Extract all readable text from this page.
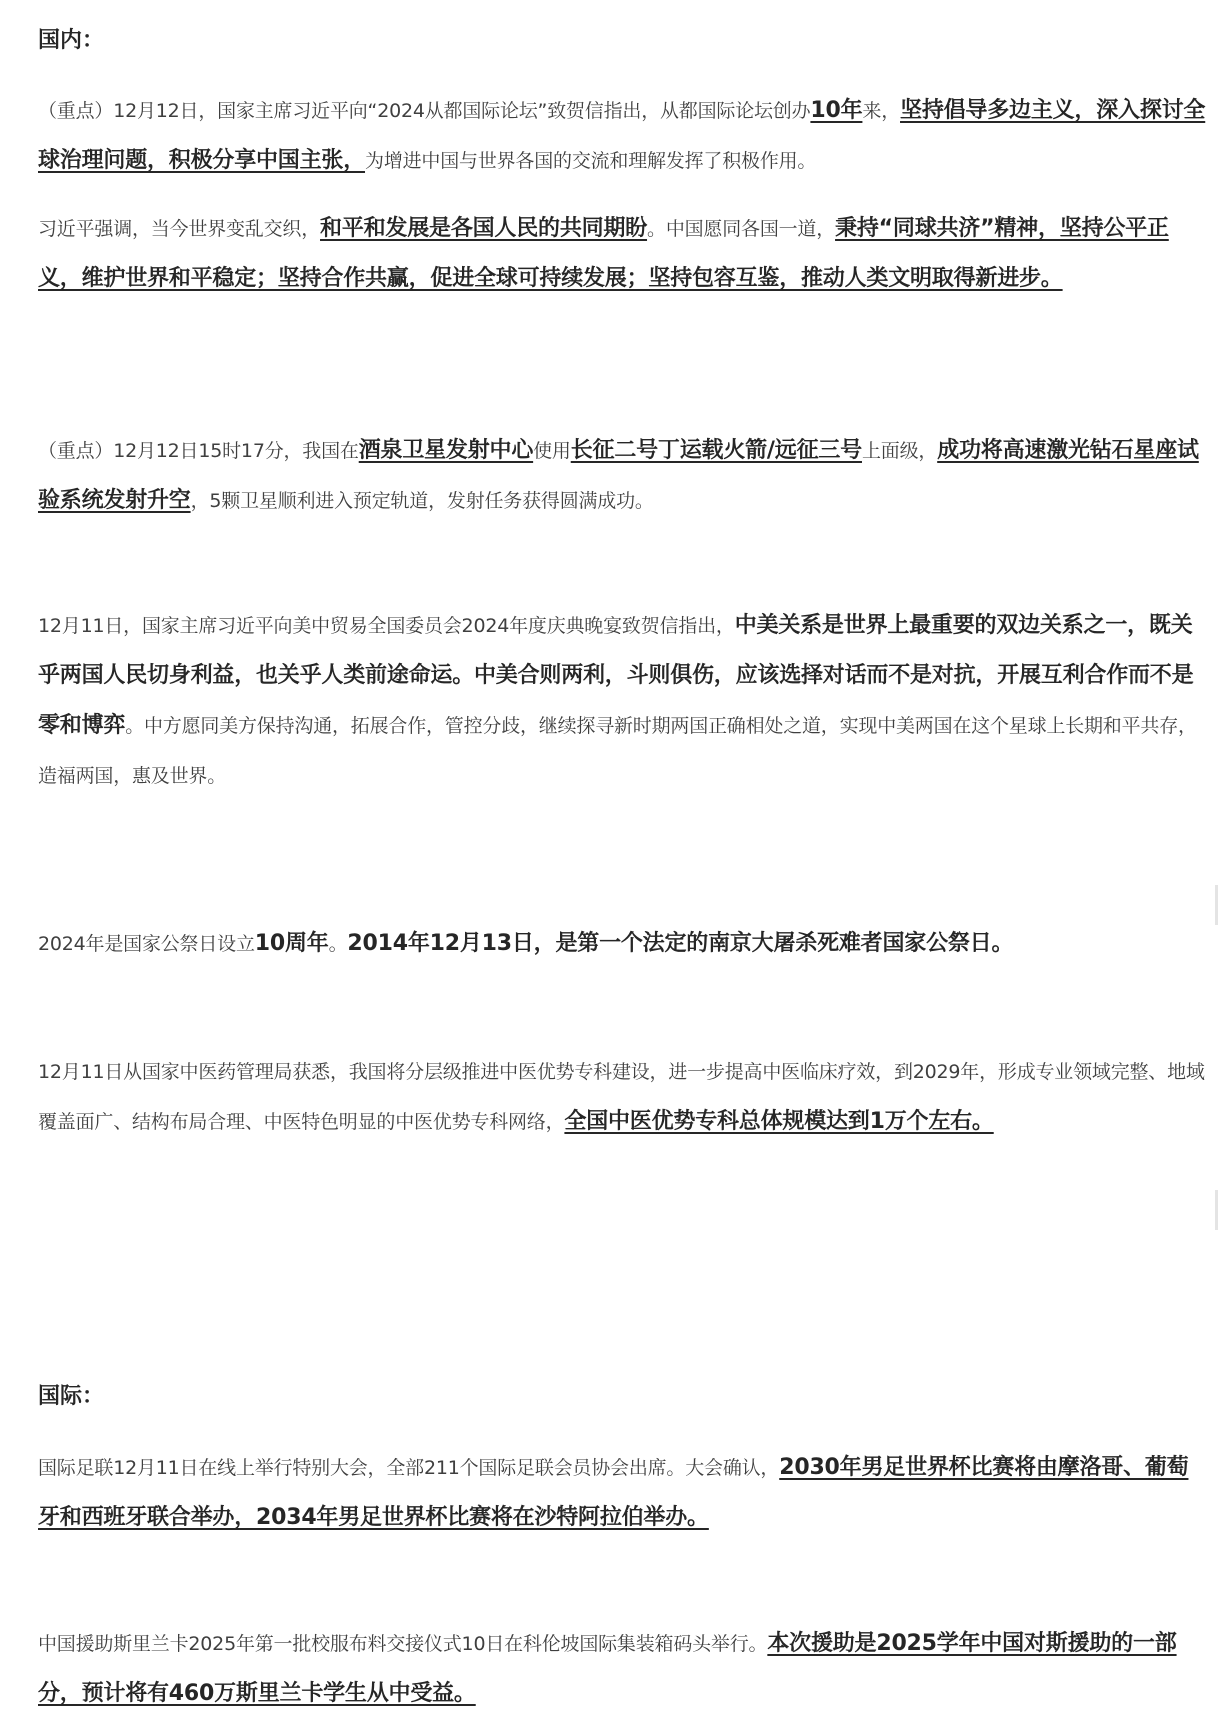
国内：
（重点）12月12日，国家主席习近平向“2024从都国际论坛”致贺信指出，从都国际论坛创办10年来，坚持倡导多边主义，深入探讨全球治理问题，积极分享中国主张，为增进中国与世界各国的交流和理解发挥了积极作用。
习近平强调，当今世界变乱交织，和平和发展是各国人民的共同期盼。中国愿同各国一道，秉持“同球共济”精神，坚持公平正义，维护世界和平稳定；坚持合作共赢，促进全球可持续发展；坚持包容互鉴，推动人类文明取得新进步。
（重点）12月12日15时17分，我国在酒泉卫星发射中心使用长征二号丁运载火箭/远征三号上面级，成功将高速激光钻石星座试验系统发射升空，5颗卫星顺利进入预定轨道，发射任务获得圆满成功。
12月11日，国家主席习近平向美中贸易全国委员会2024年度庆典晚宴致贺信指出，中美关系是世界上最重要的双边关系之一，既关乎两国人民切身利益，也关乎人类前途命运。中美合则两利，斗则俱伤，应该选择对话而不是对抗，开展互利合作而不是零和博弈。中方愿同美方保持沟通，拓展合作，管控分歧，继续探寻新时期两国正确相处之道，实现中美两国在这个星球上长期和平共存，造福两国，惠及世界。
2024年是国家公祭日设立10周年。2014年12月13日，是第一个法定的南京大屠杀死难者国家公祭日。
12月11日从国家中医药管理局获悉，我国将分层级推进中医优势专科建设，进一步提高中医临床疗效，到2029年，形成专业领域完整、地域覆盖面广、结构布局合理、中医特色明显的中医优势专科网络，全国中医优势专科总体规模达到1万个左右。
国际：
国际足联12月11日在线上举行特别大会，全部211个国际足联会员协会出席。大会确认，2030年男足世界杯比赛将由摩洛哥、葡萄牙和西班牙联合举办，2034年男足世界杯比赛将在沙特阿拉伯举办。
中国援助斯里兰卡2025年第一批校服布料交接仪式10日在科伦坡国际集装箱码头举行。本次援助是2025学年中国对斯援助的一部分，预计将有460万斯里兰卡学生从中受益。
